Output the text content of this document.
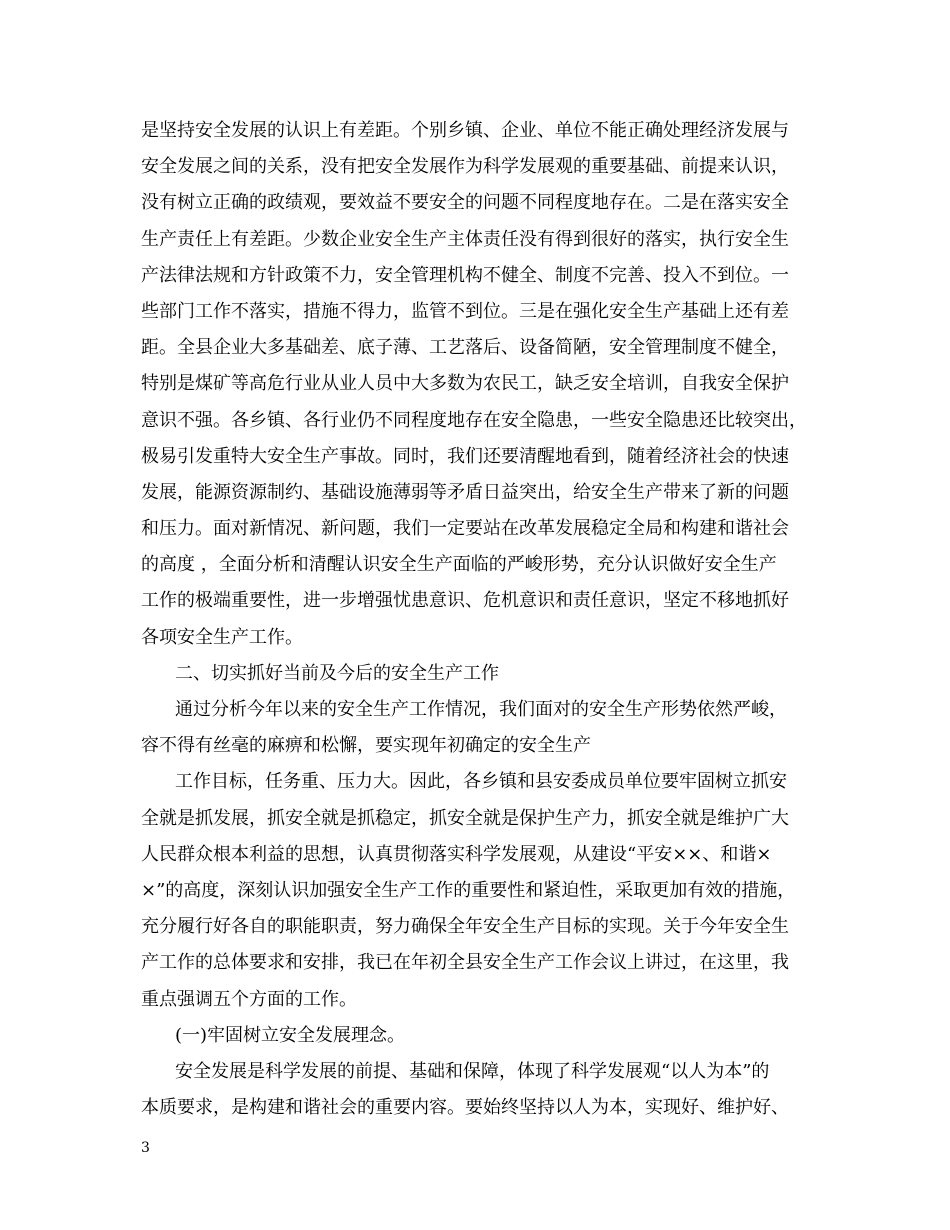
是坚持安全发展的认识上有差距。个别乡镇、企业、单位不能正确处理经济发展与
安全发展之间的关系，没有把安全发展作为科学发展观的重要基础、前提来认识，
没有树立正确的政绩观，要效益不要安全的问题不同程度地存在。二是在落实安全
生产责任上有差距。少数企业安全生产主体责任没有得到很好的落实，执行安全生
产法律法规和方针政策不力，安全管理机构不健全、制度不完善、投入不到位。一
些部门工作不落实，措施不得力，监管不到位。三是在强化安全生产基础上还有差
距。全县企业大多基础差、底子薄、工艺落后、设备简陋，安全管理制度不健全，
特别是煤矿等高危行业从业人员中大多数为农民工，缺乏安全培训，自我安全保护
意识不强。各乡镇、各行业仍不同程度地存在安全隐患，一些安全隐患还比较突出，
极易引发重特大安全生产事故。同时，我们还要清醒地看到，随着经济社会的快速
发展，能源资源制约、基础设施薄弱等矛盾日益突出，给安全生产带来了新的问题
和压力。面对新情况、新问题，我们一定要站在改革发展稳定全局和构建和谐社会
的高度 ，全面分析和清醒认识安全生产面临的严峻形势，充分认识做好安全生产
工作的极端重要性，进一步增强忧患意识、危机意识和责任意识，坚定不移地抓好
各项安全生产工作。
二、切实抓好当前及今后的安全生产工作
通过分析今年以来的安全生产工作情况，我们面对的安全生产形势依然严峻，
容不得有丝毫的麻痹和松懈，要实现年初确定的安全生产
工作目标，任务重、压力大。因此，各乡镇和县安委成员单位要牢固树立抓安
全就是抓发展，抓安全就是抓稳定，抓安全就是保护生产力，抓安全就是维护广大
人民群众根本利益的思想，认真贯彻落实科学发展观，从建设“平安××、和谐×
×”的高度，深刻认识加强安全生产工作的重要性和紧迫性，采取更加有效的措施，
充分履行好各自的职能职责，努力确保全年安全生产目标的实现。关于今年安全生
产工作的总体要求和安排，我已在年初全县安全生产工作会议上讲过，在这里，我
重点强调五个方面的工作。
(一)牢固树立安全发展理念。
安全发展是科学发展的前提、基础和保障，体现了科学发展观“以人为本”的
本质要求，是构建和谐社会的重要内容。要始终坚持以人为本，实现好、维护好、
3
